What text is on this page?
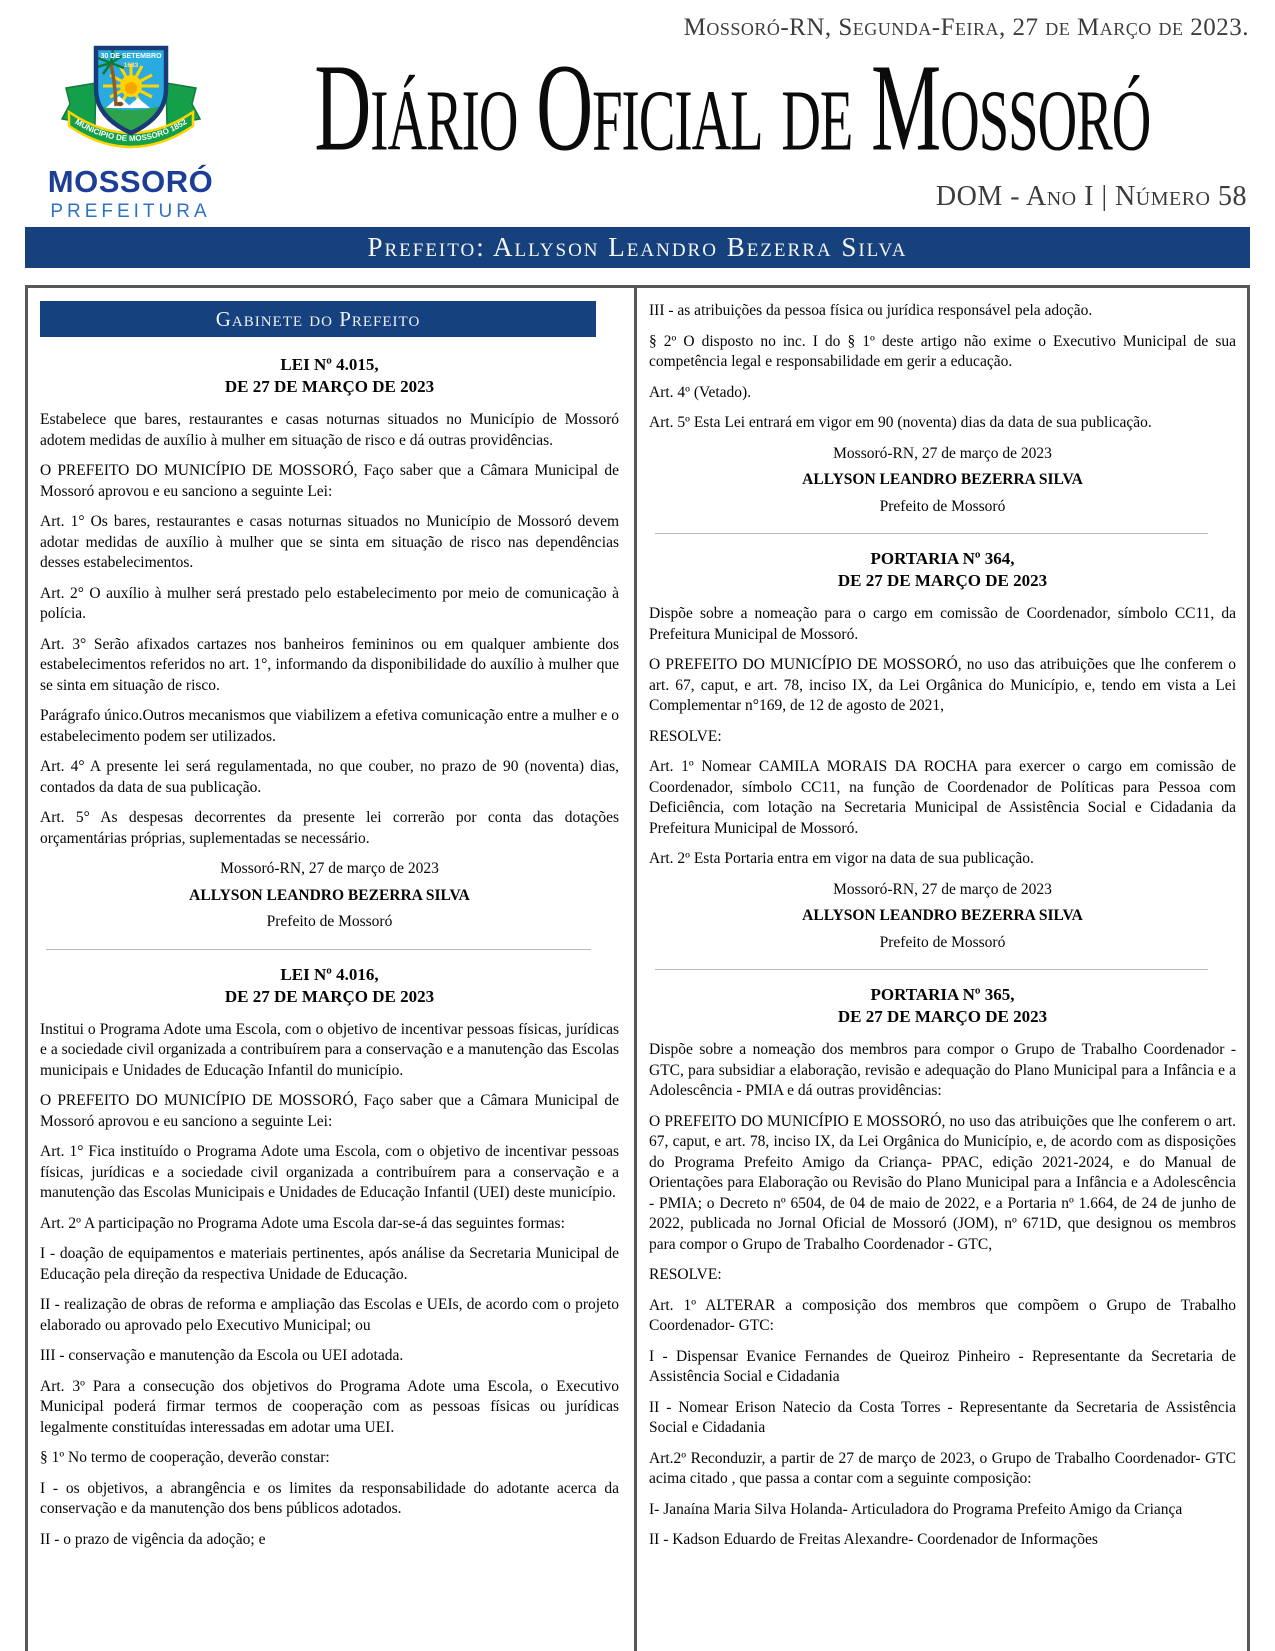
Mossoró-RN, Segunda-Feira, 27 de Março de 2023.
30 DE SETEMBRO
1683
MUNICÍPIO DE MOSSORÓ 1852
MOSSORÓ
PREFEITURA
Diário Oficial de Mossoró
DOM - Ano I | Número 58
Prefeito: Allyson Leandro Bezerra Silva
Gabinete do Prefeito
LEI Nº 4.015,
DE 27 DE MARÇO DE 2023

Estabelece que bares, restaurantes e casas noturnas situados no Município de Mossoró adotem medidas de auxílio à mulher em situação de risco e dá outras providências.

O PREFEITO DO MUNICÍPIO DE MOSSORÓ, Faço saber que a Câmara Municipal de Mossoró aprovou e eu sanciono a seguinte Lei:

Art. 1° Os bares, restaurantes e casas noturnas situados no Município de Mossoró devem adotar medidas de auxílio à mulher que se sinta em situação de risco nas dependências desses estabelecimentos.

Art. 2° O auxílio à mulher será prestado pelo estabelecimento por meio de comunicação à polícia.

Art. 3° Serão afixados cartazes nos banheiros femininos ou em qualquer ambiente dos estabelecimentos referidos no art. 1°, informando da disponibilidade do auxílio à mulher que se sinta em situação de risco.

Parágrafo único.Outros mecanismos que viabilizem a efetiva comunicação entre a mulher e o estabelecimento podem ser utilizados.

Art. 4° A presente lei será regulamentada, no que couber, no prazo de 90 (noventa) dias, contados da data de sua publicação.

Art. 5° As despesas decorrentes da presente lei correrão por conta das dotações orçamentárias próprias, suplementadas se necessário.

Mossoró-RN, 27 de março de 2023

ALLYSON LEANDRO BEZERRA SILVA

Prefeito de Mossoró

LEI Nº 4.016,
DE 27 DE MARÇO DE 2023

Institui o Programa Adote uma Escola, com o objetivo de incentivar pessoas físicas, jurídicas e a sociedade civil organizada a contribuírem para a conservação e a manutenção das Escolas municipais e Unidades de Educação Infantil do município.

O PREFEITO DO MUNICÍPIO DE MOSSORÓ, Faço saber que a Câmara Municipal de Mossoró aprovou e eu sanciono a seguinte Lei:

Art. 1° Fica instituído o Programa Adote uma Escola, com o objetivo de incentivar pessoas físicas, jurídicas e a sociedade civil organizada a contribuírem para a conservação e a manutenção das Escolas Municipais e Unidades de Educação Infantil (UEI) deste município.

Art. 2º A participação no Programa Adote uma Escola dar-se-á das seguintes formas:

I - doação de equipamentos e materiais pertinentes, após análise da Secretaria Municipal de Educação pela direção da respectiva Unidade de Educação.

II - realização de obras de reforma e ampliação das Escolas e UEIs, de acordo com o projeto elaborado ou aprovado pelo Executivo Municipal; ou

III - conservação e manutenção da Escola ou UEI adotada.

Art. 3º Para a consecução dos objetivos do Programa Adote uma Escola, o Executivo Municipal poderá firmar termos de cooperação com as pessoas físicas ou jurídicas legalmente constituídas interessadas em adotar uma UEI.

§ 1º No termo de cooperação, deverão constar:

I - os objetivos, a abrangência e os limites da responsabilidade do adotante acerca da conservação e da manutenção dos bens públicos adotados.

II - o prazo de vigência da adoção; e

III - as atribuições da pessoa física ou jurídica responsável pela adoção.

§ 2º O disposto no inc. I do § 1º deste artigo não exime o Executivo Municipal de sua competência legal e responsabilidade em gerir a educação.

Art. 4º (Vetado).

Art. 5º Esta Lei entrará em vigor em 90 (noventa) dias da data de sua publicação.

Mossoró-RN, 27 de março de 2023

ALLYSON LEANDRO BEZERRA SILVA

Prefeito de Mossoró

PORTARIA Nº 364,
DE 27 DE MARÇO DE 2023

Dispõe sobre a nomeação para o cargo em comissão de Coordenador, símbolo CC11, da Prefeitura Municipal de Mossoró.

O PREFEITO DO MUNICÍPIO DE MOSSORÓ, no uso das atribuições que lhe conferem o art. 67, caput, e art. 78, inciso IX, da Lei Orgânica do Município, e, tendo em vista a Lei Complementar n°169, de 12 de agosto de 2021,

RESOLVE:

Art. 1º Nomear CAMILA MORAIS DA ROCHA para exercer o cargo em comissão de Coordenador, símbolo CC11, na função de Coordenador de Políticas para Pessoa com Deficiência, com lotação na Secretaria Municipal de Assistência Social e Cidadania da Prefeitura Municipal de Mossoró.

Art. 2º Esta Portaria entra em vigor na data de sua publicação.

Mossoró-RN, 27 de março de 2023

ALLYSON LEANDRO BEZERRA SILVA

Prefeito de Mossoró

PORTARIA Nº 365,
DE 27 DE MARÇO DE 2023

Dispõe sobre a nomeação dos membros para compor o Grupo de Trabalho Coordenador - GTC, para subsidiar a elaboração, revisão e adequação do Plano Municipal para a Infância e a Adolescência - PMIA e dá outras providências:

O PREFEITO DO MUNICÍPIO E MOSSORÓ, no uso das atribuições que lhe conferem o art. 67, caput, e art. 78, inciso IX, da Lei Orgânica do Município, e, de acordo com as disposições do Programa Prefeito Amigo da Criança- PPAC, edição 2021-2024, e do Manual de Orientações para Elaboração ou Revisão do Plano Municipal para a Infância e a Adolescência - PMIA; o Decreto nº 6504, de 04 de maio de 2022, e a Portaria nº 1.664, de 24 de junho de 2022, publicada no Jornal Oficial de Mossoró (JOM), nº 671D, que designou os membros para compor o Grupo de Trabalho Coordenador - GTC,

RESOLVE:

Art. 1º ALTERAR a composição dos membros que compõem o Grupo de Trabalho Coordenador- GTC:

I - Dispensar Evanice Fernandes de Queiroz Pinheiro - Representante da Secretaria de Assistência Social e Cidadania

II - Nomear Erison Natecio da Costa Torres - Representante da Secretaria de Assistência Social e Cidadania

Art.2º Reconduzir, a partir de 27 de março de 2023, o Grupo de Trabalho Coordenador- GTC acima citado , que passa a contar com a seguinte composição:

I- Janaína Maria Silva Holanda- Articuladora do Programa Prefeito Amigo da Criança

II - Kadson Eduardo de Freitas Alexandre- Coordenador de Informações
